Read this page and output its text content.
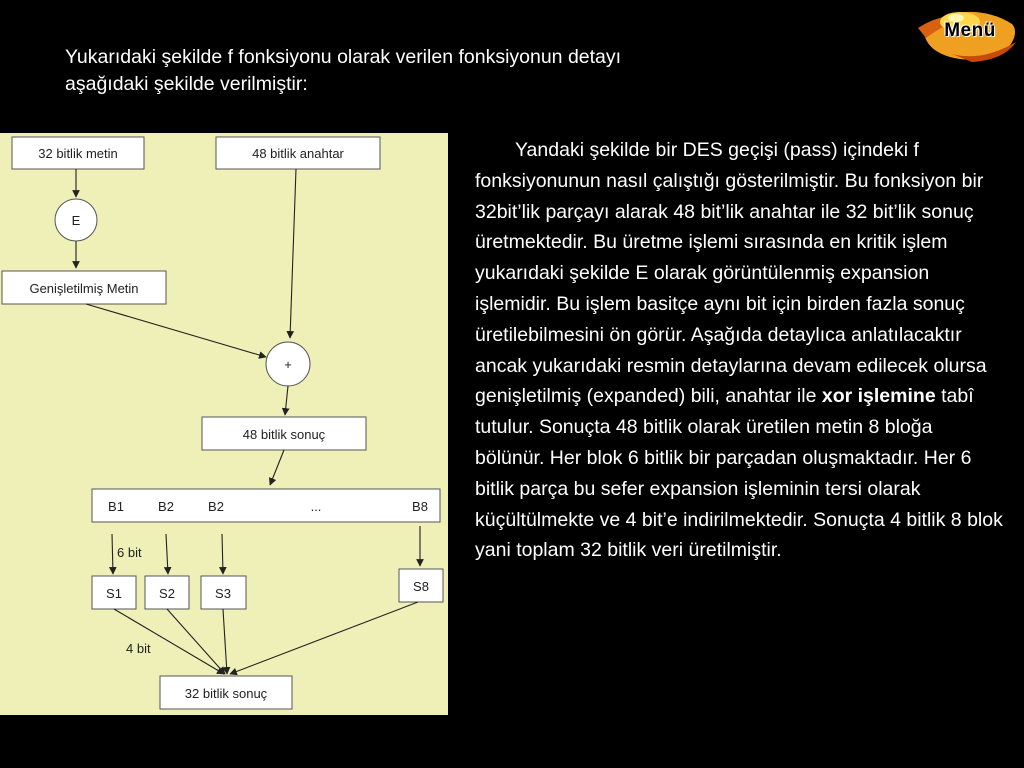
Yukarıdaki şekilde f fonksiyonu olarak verilen fonksiyonun detayı
aşağıdaki şekilde verilmiştir:
Menü
32 bitlik metin	48 bitlik anahtar
E
Genişletilmiş Metin
+
48 bitlik sonuç
B1	B2	B2	...	B8
6 bit
S1	S2	S3	S8
4 bit
32 bitlik sonuç

Yandaki şekilde bir DES geçişi (pass) içindeki f fonksiyonunun nasıl çalıştığı gösterilmiştir. Bu fonksiyon bir 32bit’lik parçayı alarak 48 bit’lik anahtar ile 32 bit’lik sonuç üretmektedir. Bu üretme işlemi sırasında en kritik işlem yukarıdaki şekilde E olarak görüntülenmiş expansion işlemidir. Bu işlem basitçe aynı bit için birden fazla sonuç üretilebilmesini ön görür. Aşağıda detaylıca anlatılacaktır ancak yukarıdaki resmin detaylarına devam edilecek olursa genişletilmiş (expanded) bili, anahtar ile xor işlemine tabî tutulur. Sonuçta 48 bitlik olarak üretilen metin 8 bloğa bölünür. Her blok 6 bitlik bir parçadan oluşmaktadır. Her 6 bitlik parça bu sefer expansion işleminin tersi olarak küçültülmekte ve 4 bit’e indirilmektedir. Sonuçta 4 bitlik 8 blok yani toplam 32 bitlik veri üretilmiştir.
